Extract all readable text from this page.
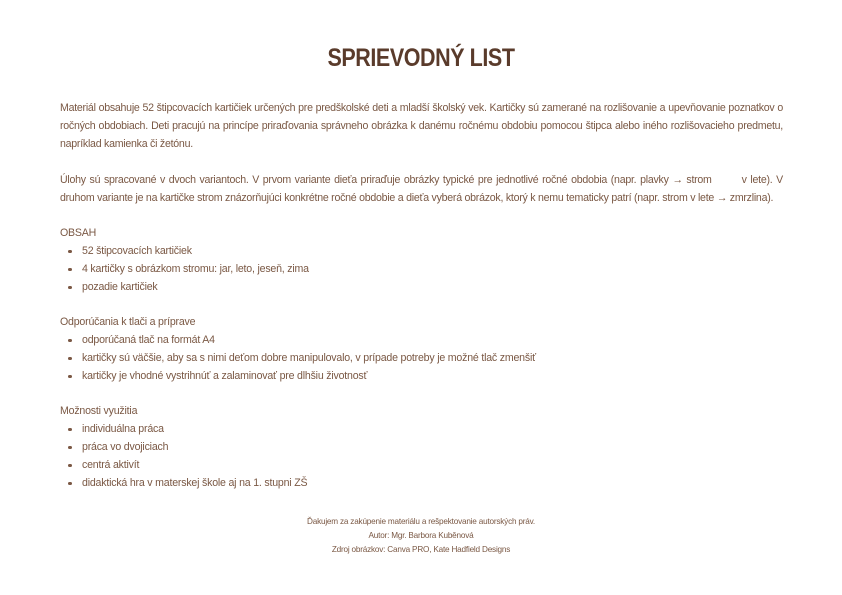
SPRIEVODNÝ LIST

Materiál obsahuje 52 štipcovacích kartičiek určených pre predškolské deti a mladší školský vek. Kartičky sú zamerané na rozlišovanie a upevňovanie poznatkov o ročných obdobiach. Deti pracujú na princípe priraďovania správneho obrázka k danému ročnému obdobiu pomocou štipca alebo iného rozlišovacieho predmetu, napríklad kamienka či žetónu.

Úlohy sú spracované v dvoch variantoch. V prvom variante dieťa priraďuje obrázky typické pre jednotlivé ročné obdobia (napr. plavky → strom	v lete). V druhom variante je na kartičke strom znázorňujúci konkrétne ročné obdobie a dieťa vyberá obrázok, ktorý k nemu tematicky patrí (napr. strom v lete → zmrzlina).

OBSAH

52 štipcovacích kartičiek
4 kartičky s obrázkom stromu: jar, leto, jeseň, zima
pozadie kartičiek

Odporúčania k tlači a príprave

odporúčaná tlač na formát A4
kartičky sú väčšie, aby sa s nimi deťom dobre manipulovalo, v prípade potreby je možné tlač zmenšiť
kartičky je vhodné vystrihnúť a zalaminovať pre dlhšiu životnosť

Možnosti využitia

individuálna práca
práca vo dvojiciach
centrá aktivít
didaktická hra v materskej škole aj na 1. stupni ZŠ
Ďakujem za zakúpenie materiálu a rešpektovanie autorských práv.
Autor: Mgr. Barbora Kuběnová
Zdroj obrázkov: Canva PRO, Kate Hadfield Designs
